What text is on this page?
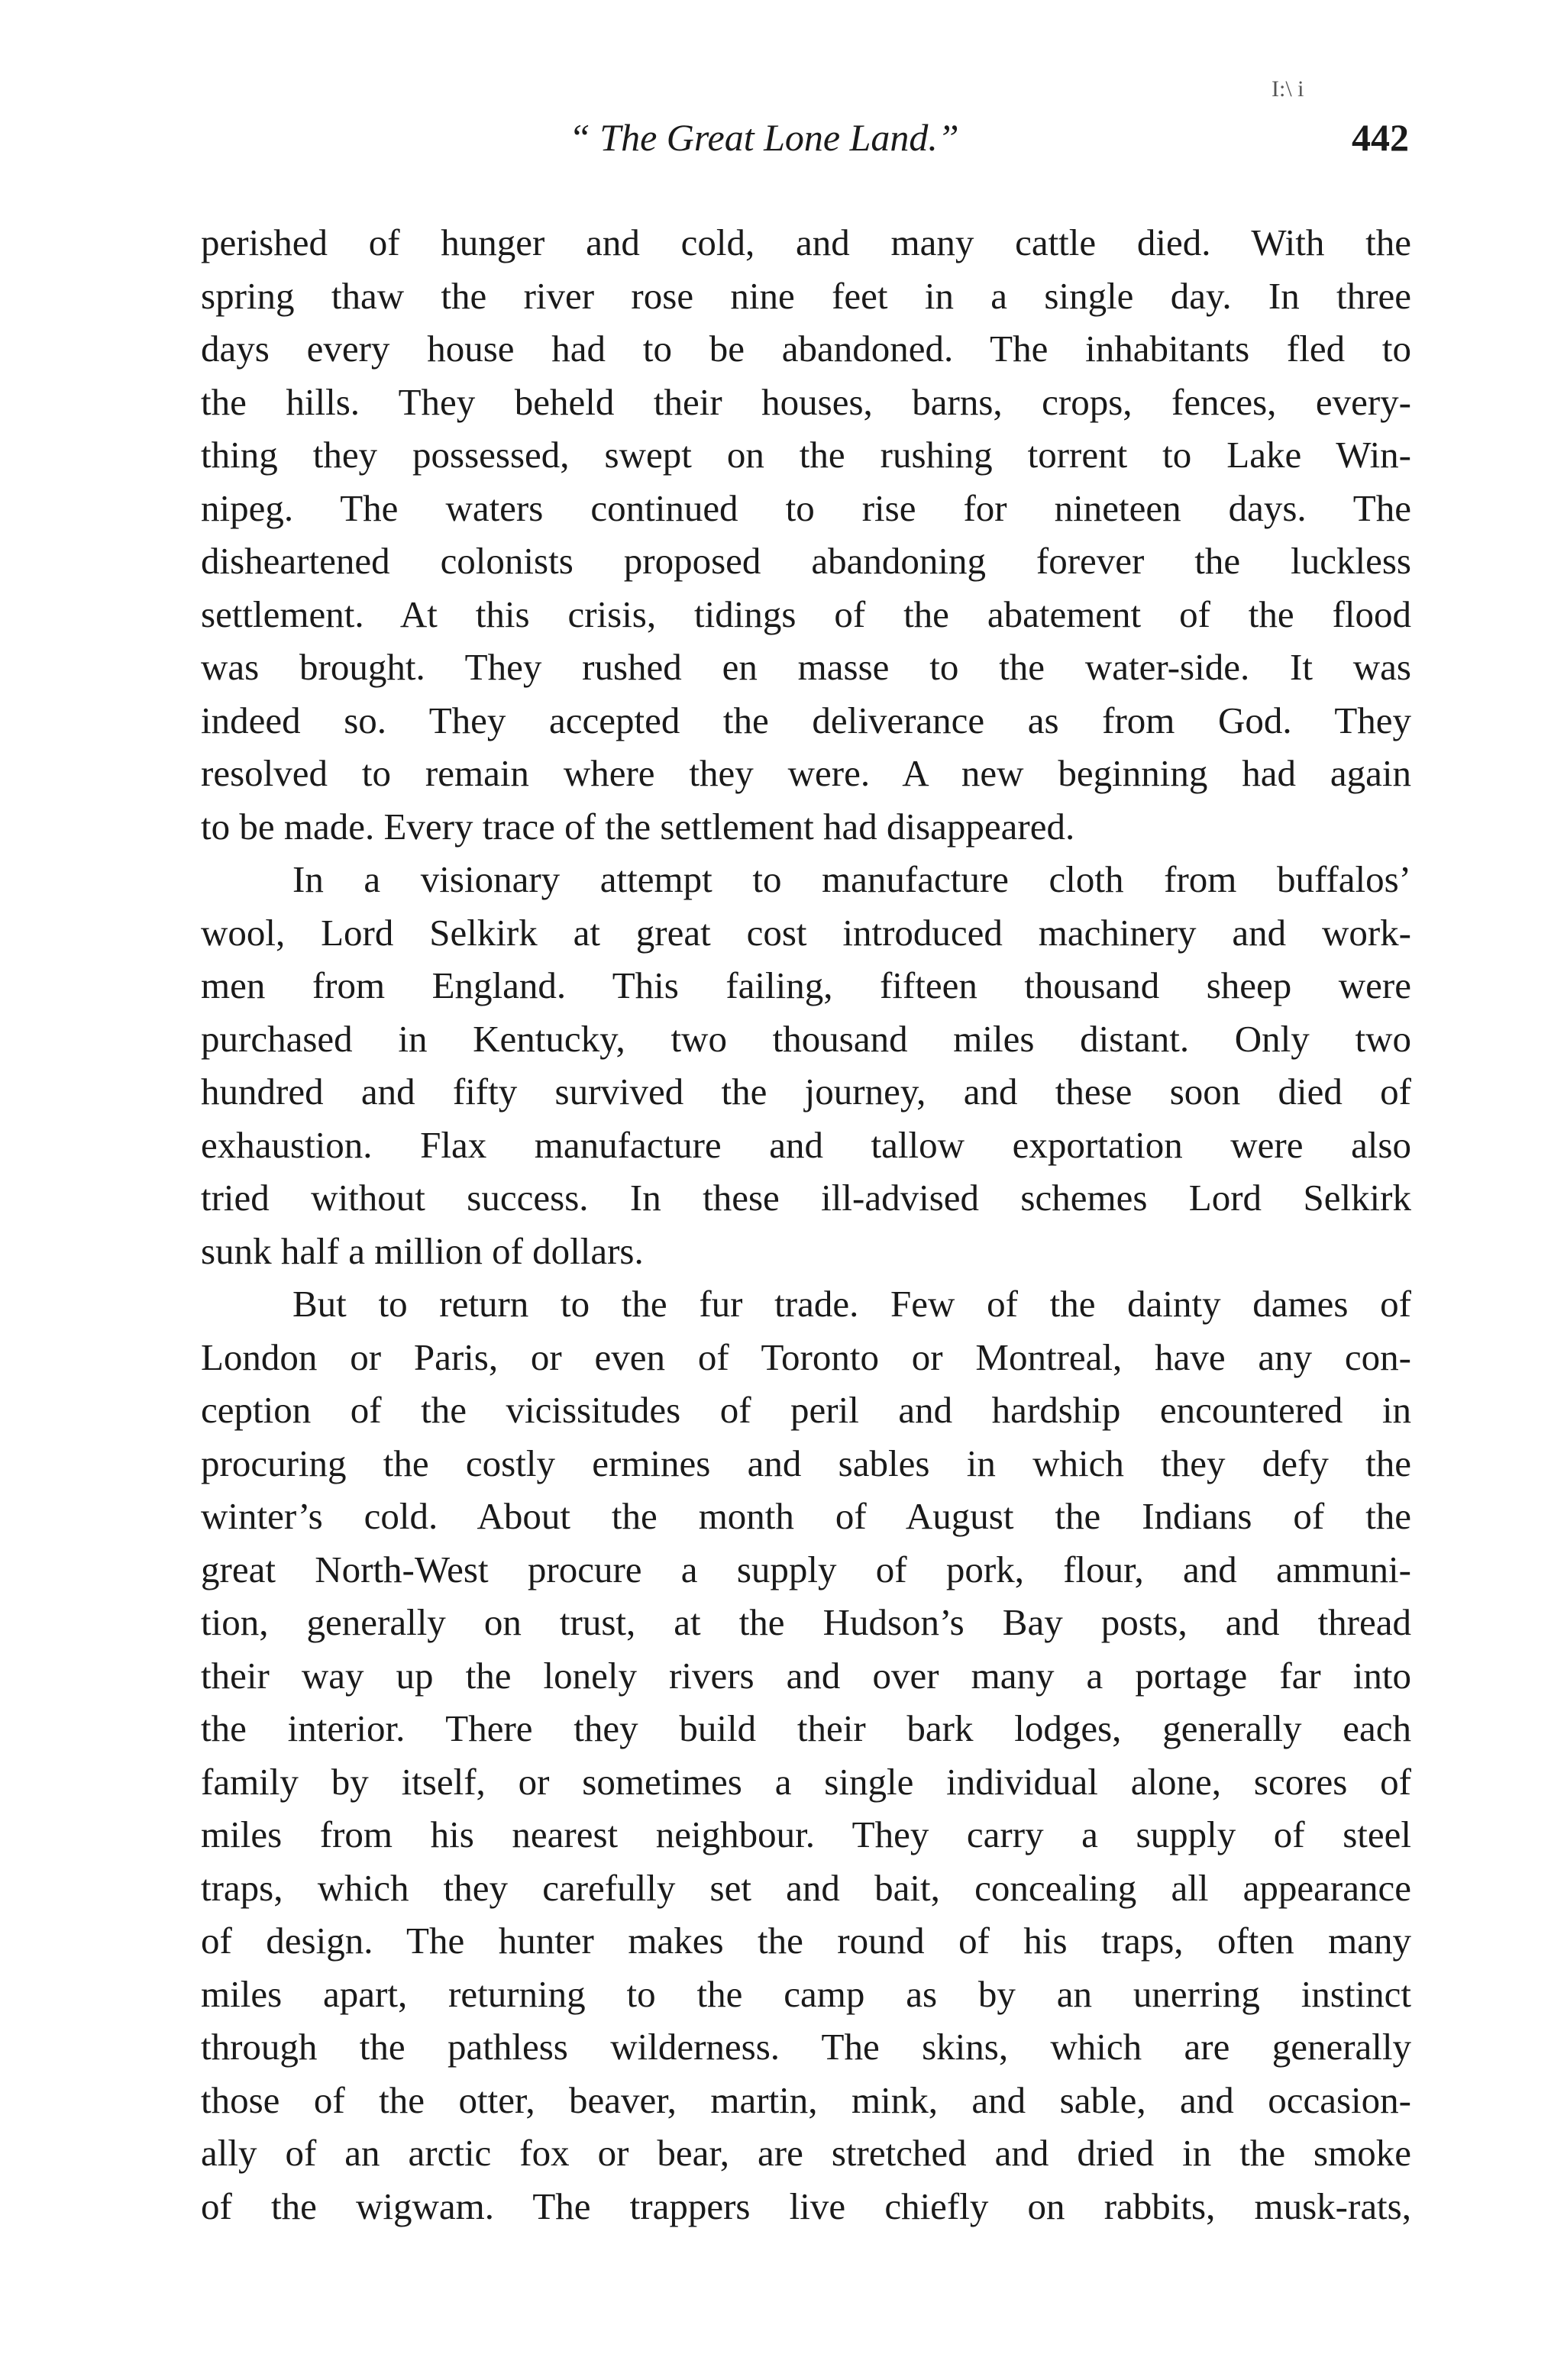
I:\ i
“ The Great Lone Land.”	442
perished of hunger and cold, and many cattle died. With the
spring thaw the river rose nine feet in a single day. In three
days every house had to be abandoned. The inhabitants fled to
the hills. They beheld their houses, barns, crops, fences, every-
thing they possessed, swept on the rushing torrent to Lake Win-
nipeg. The waters continued to rise for nineteen days. The
disheartened colonists proposed abandoning forever the luckless
settlement. At this crisis, tidings of the abatement of the flood
was brought. They rushed en masse to the water-side. It was
indeed so. They accepted the deliverance as from God. They
resolved to remain where they were. A new beginning had again
to be made. Every trace of the settlement had disappeared.
In a visionary attempt to manufacture cloth from buffalos’
wool, Lord Selkirk at great cost introduced machinery and work-
men from England. This failing, fifteen thousand sheep were
purchased in Kentucky, two thousand miles distant. Only two
hundred and fifty survived the journey, and these soon died of
exhaustion. Flax manufacture and tallow exportation were also
tried without success. In these ill-advised schemes Lord Selkirk
sunk half a million of dollars.
But to return to the fur trade. Few of the dainty dames of
London or Paris, or even of Toronto or Montreal, have any con-
ception of the vicissitudes of peril and hardship encountered in
procuring the costly ermines and sables in which they defy the
winter’s cold. About the month of August the Indians of the
great North-West procure a supply of pork, flour, and ammuni-
tion, generally on trust, at the Hudson’s Bay posts, and thread
their way up the lonely rivers and over many a portage far into
the interior. There they build their bark lodges, generally each
family by itself, or sometimes a single individual alone, scores of
miles from his nearest neighbour. They carry a supply of steel
traps, which they carefully set and bait, concealing all appearance
of design. The hunter makes the round of his traps, often many
miles apart, returning to the camp as by an unerring instinct
through the pathless wilderness. The skins, which are generally
those of the otter, beaver, martin, mink, and sable, and occasion-
ally of an arctic fox or bear, are stretched and dried in the smoke
of the wigwam. The trappers live chiefly on rabbits, musk-rats,
